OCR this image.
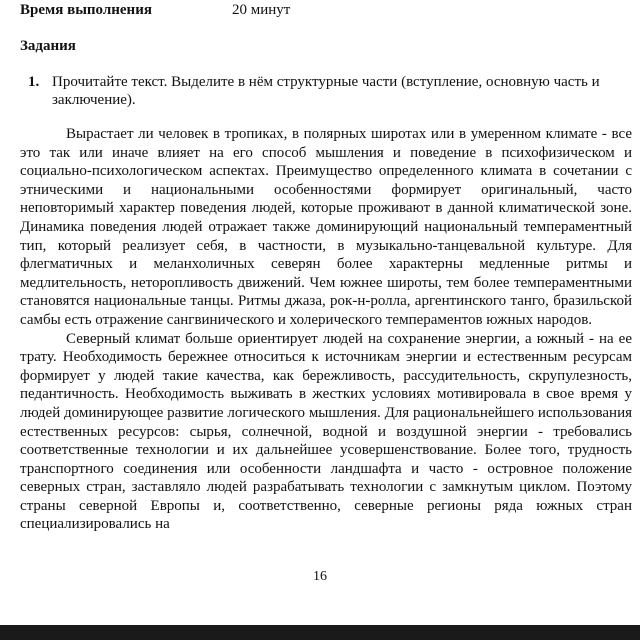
Время выполнения	20 минут
Задания
1. Прочитайте текст. Выделите в нём структурные части (вступление, основную часть и заключение).

Вырастает ли человек в тропиках, в полярных широтах или в умеренном климате - все это так или иначе влияет на его способ мышления и поведение в психофизическом и социально-психологическом аспектах. Преимущество определенного климата в сочетании с этническими и национальными особенностями формирует оригинальный, часто неповторимый характер поведения людей, которые проживают в данной климатической зоне. Динамика поведения людей отражает также доминирующий национальный темпераментный тип, который реализует себя, в частности, в музыкально-танцевальной культуре. Для флегматичных и меланхоличных северян более характерны медленные ритмы и медлительность, неторопливость движений. Чем южнее широты, тем более темпераментными становятся национальные танцы. Ритмы джаза, рок-н-ролла, аргентинского танго, бразильской самбы есть отражение сангвинического и холерического темпераментов южных народов.

Северный климат больше ориентирует людей на сохранение энергии, а южный - на ее трату. Необходимость бережнее относиться к источникам энергии и естественным ресурсам формирует у людей такие качества, как бережливость, рассудительность, скрупулезность, педантичность. Необходимость выживать в жестких условиях мотивировала в свое время у людей доминирующее развитие логического мышления. Для рациональнейшего использования естественных ресурсов: сырья, солнечной, водной и воздушной энергии - требовались соответственные технологии и их дальнейшее усовершенствование. Более того, трудность транспортного соединения или особенности ландшафта и часто - островное положение северных стран, заставляло людей разрабатывать технологии с замкнутым циклом. Поэтому страны северной Европы и, соответственно, северные регионы ряда южных стран специализировались на

16
